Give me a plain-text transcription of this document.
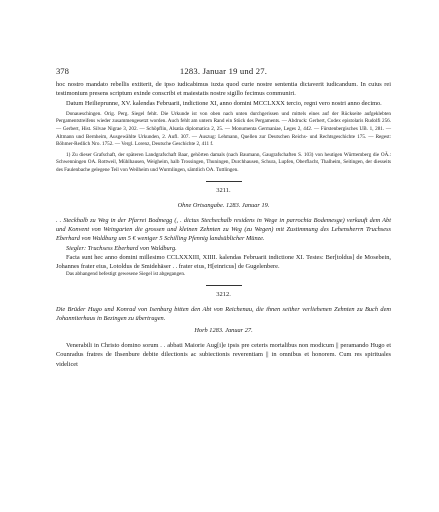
378	1283. Januar 19 und 27.

hoc nostro mandato rebellis extiterit, de ipso iudicabimus iuxta quod curie nostre sententia dictaverit iudicandum. In cuius rei testimonium presens scriptum exinde conscribi et maiestatis nostre sigillo fecimus communiri.

Datum Heilieprunne, XV. kalendas Februarii, indictione XI, anno domini MCCLXXX tercio, regni vero nostri anno decimo.

Donaueschingen. Orig. Perg. Siegel fehlt. Die Urkunde ist von oben nach unten durchgerissen und mittels eines auf der Rückseite aufgeklebten Pergamentstreifens wieder zusammengesetzt worden. Auch fehlt am untern Rand ein Stück des Pergaments. — Abdruck: Gerbert, Codex epistolaris Rudolfi 256. — Gerbert, Hist. Silvae Nigrae 3, 202. — Schöpflin, Alsatia diplomatica 2, 25. — Monumenta Germaniae, Leges 2, 442. — Fürstenbergisches UB. 1, 281. — Altmann und Bernheim, Ausgewählte Urkunden, 2. Aufl. 307. — Auszug: Lehmann, Quellen zur Deutschen Reichs- und Rechtsgeschichte 175. — Regest: Böhmer-Redlich Nro. 1752. — Vergl. Lorenz, Deutsche Geschichte 2, 411 f.

1) Zu dieser Grafschaft, der späteren Landgrafschaft Baar, gehörten damals (nach Baumann, Gaugrafschaften S. 103) von heutigen Württemberg die OÄ.: Schwenningen OA. Rottweil, Mühlhausen, Weigheim, halb Trossingen, Thuningen, Durchhausen, Schura, Lupfen, Oberflacht, Thalheim, Seitingen, der diesseits des Faulenbache gelegene Teil von Weilheim und Wurmlingen, sämtlich OA. Tuttlingen.

3211.
Ohne Ortsangabe. 1283. Januar 19.

. . Steckhalb zu Weg in der Pfarrei Bodmegg (, . dictus Stechechalb residens in Wege in parrochia Bodemesge) verkauft dem Abt und Konvent von Weingarten die grossen und kleinen Zehnten zu Weg (zu Wegen) mit Zustimmung des Lehensherrn Truchsess Eberhard von Waldburg um 5 € weniger 5 Schilling Pfennig landsüblicher Münze.

Siegler: Truchsess Eberhard von Waldburg.

Facta sunt hec anno domini millesimo CCLXXXIII, XIIII. kalendas Februarii indictione XI. Testes: Ber[toldus] de Mosebein, Johannes frater eius, Lotoldus de Smidehäser . . frater eius, H[einricus] de Gugelenbere.

Das abhangend befestigt gewesene Siegel ist abgegangen.

3212.

Die Brüder Hugo und Konrad von Isenburg bitten den Abt von Reichenau, die ihnen seither verliehenen Zehnten zu Buch dem Johanniterhaus in Bezingen zu übertragen.

Horb 1283. Januar 27.

Venerabili in Christo domino sorum . . abbati Maiorie Aug[i]e ipsis pre ceteris mortalibus non modicum || peramando Hugo et Counradus fratres de Ihsenbure debite dilectionis ac subiectionis reverentiam || in omnibus et honorem. Cum res spirituales videlicet
